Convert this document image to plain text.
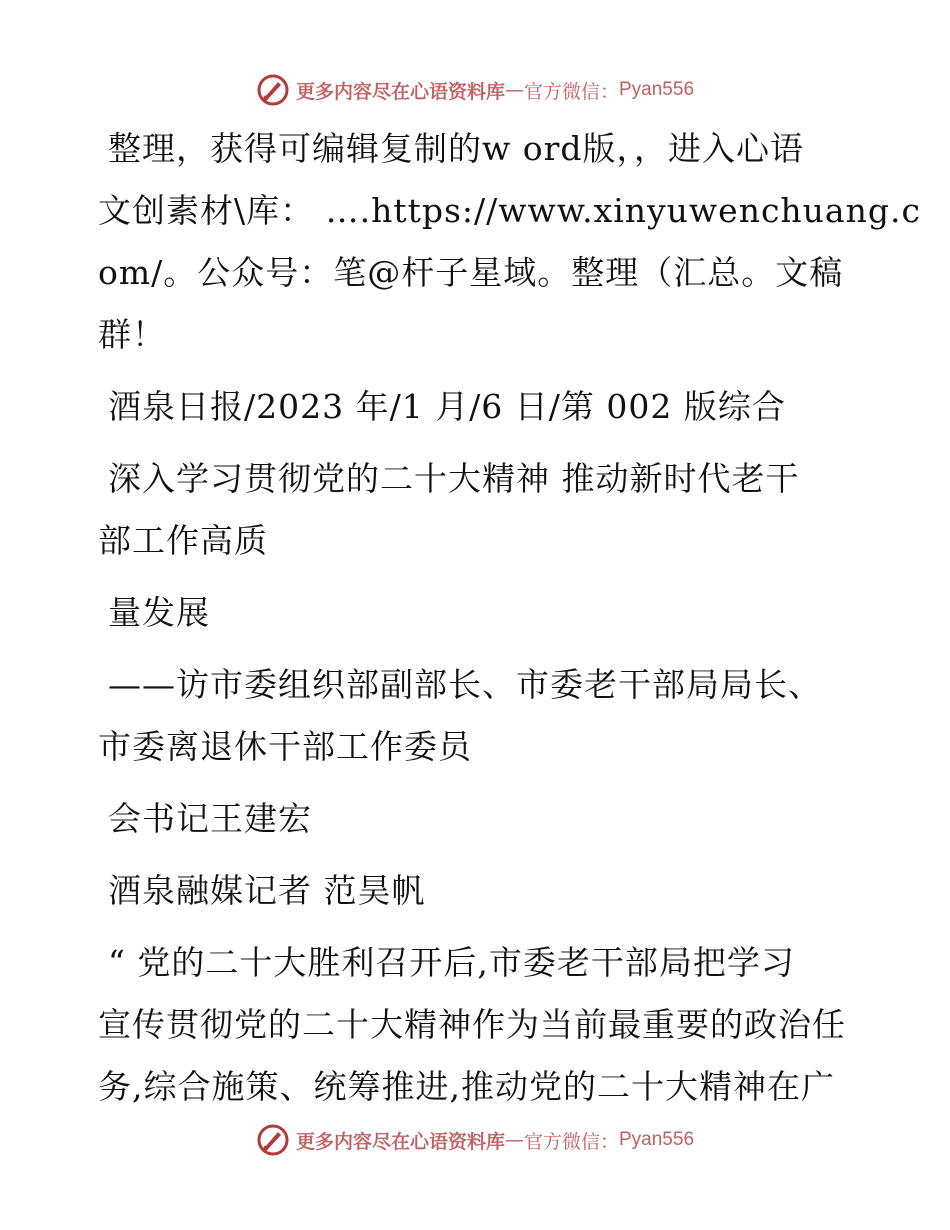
更多内容尽在心语资料库 — 官方微信： Pyan556
整理，获得可编辑复制的w ord版，，进入心语
文创素材\库： ….https://www.xinyuwenchuang.c
om/。公众号：笔@杆子星域。整理（汇总。文稿
群！
酒泉日报/2023 年/1 月/6 日/第 002 版综合
深入学习贯彻党的二十大精神 推动新时代老干
部工作高质
量发展
——访市委组织部副部长、市委老干部局局长、
市委离退休干部工作委员
会书记王建宏
酒泉融媒记者 范昊帆
“ 党的二十大胜利召开后,市委老干部局把学习
宣传贯彻党的二十大精神作为当前最重要的政治任
务,综合施策、统筹推进,推动党的二十大精神在广
更多内容尽在心语资料库 — 官方微信： Pyan556
